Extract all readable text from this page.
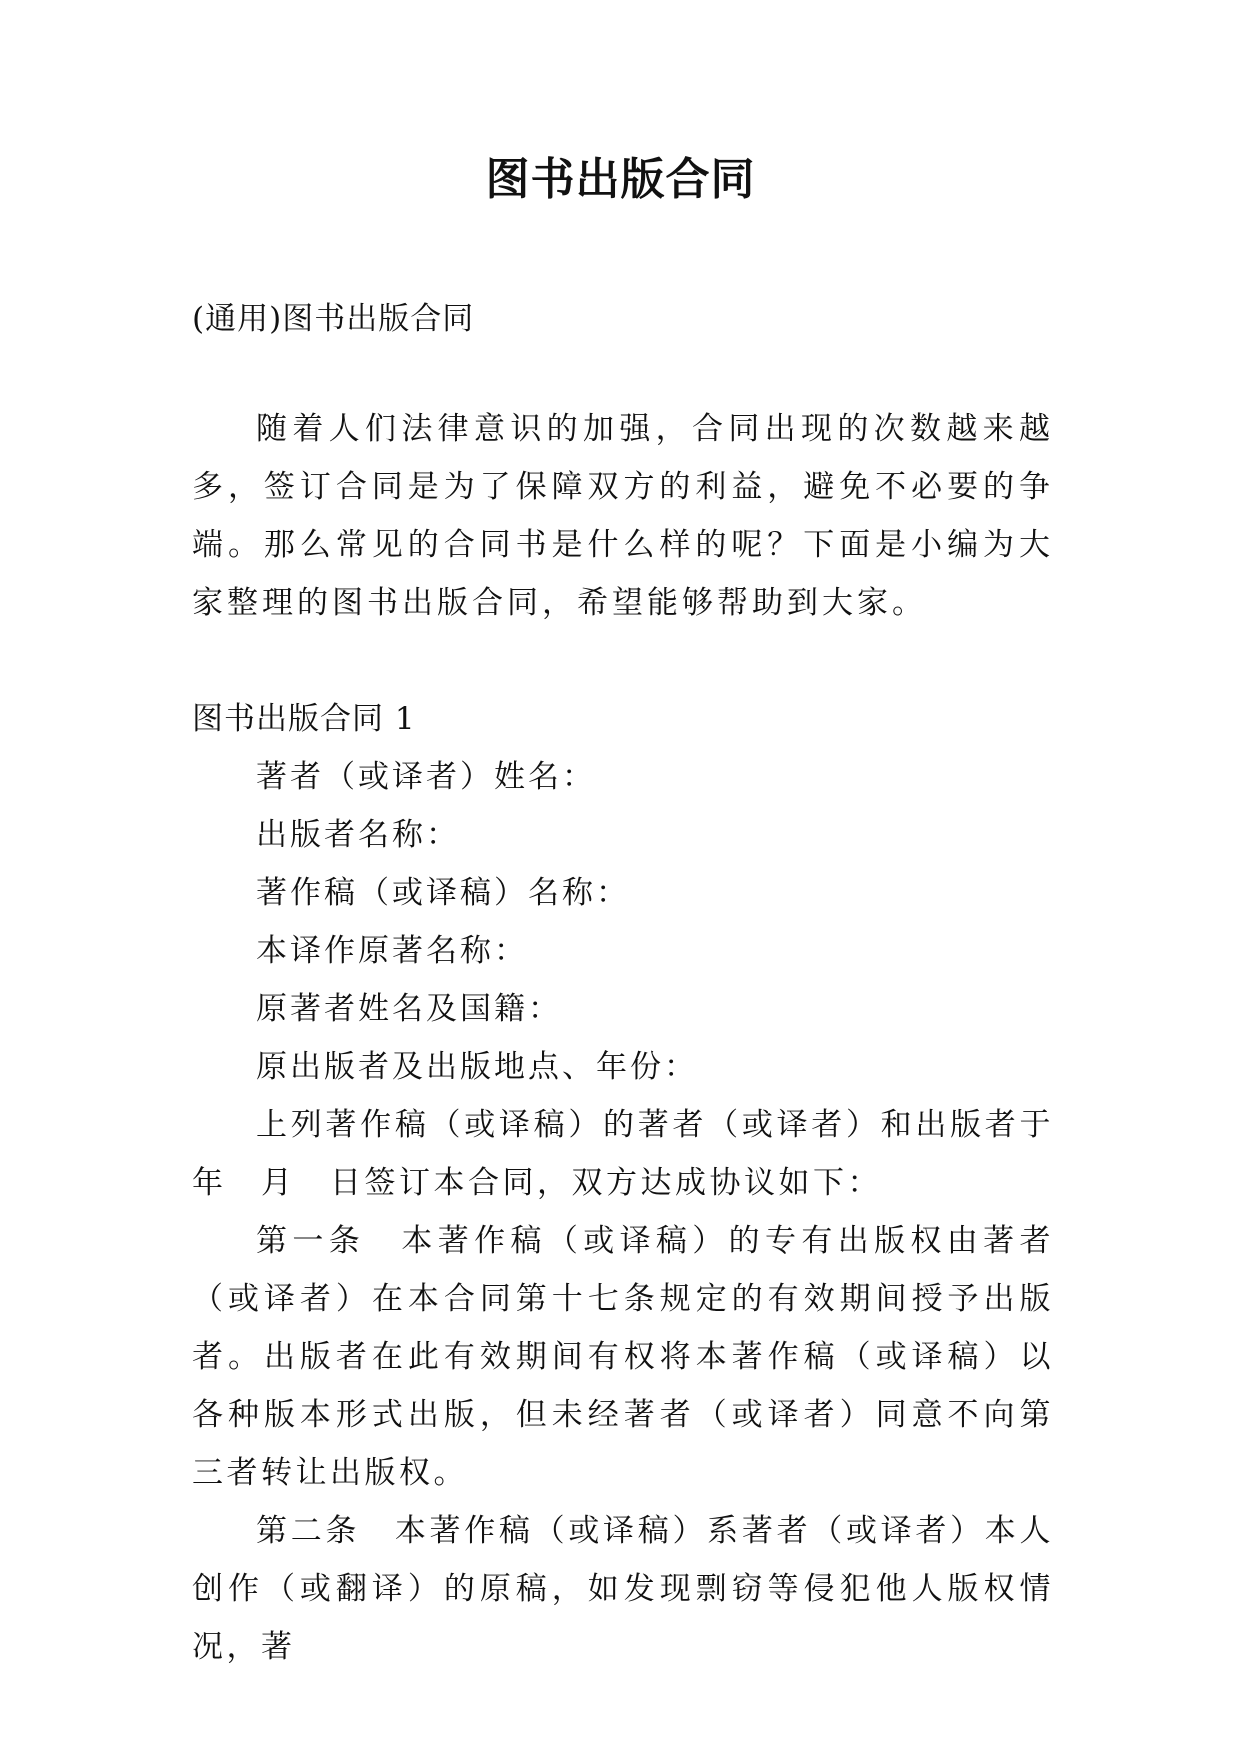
图书出版合同
(通用)图书出版合同
随着人们法律意识的加强，合同出现的次数越来越多，签订合同是为了保障双方的利益，避免不必要的争端。那么常见的合同书是什么样的呢？下面是小编为大家整理的图书出版合同，希望能够帮助到大家。
图书出版合同 1

著者（或译者）姓名：

出版者名称：

著作稿（或译稿）名称：

本译作原著名称：

原著者姓名及国籍：

原出版者及出版地点、年份：

上列著作稿（或译稿）的著者（或译者）和出版者于　年　月　日签订本合同，双方达成协议如下：

第一条　本著作稿（或译稿）的专有出版权由著者（或译者）在本合同第十七条规定的有效期间授予出版者。出版者在此有效期间有权将本著作稿（或译稿）以各种版本形式出版，但未经著者（或译者）同意不向第三者转让出版权。

第二条　本著作稿（或译稿）系著者（或译者）本人创作（或翻译）的原稿，如发现剽窃等侵犯他人版权情况，著
